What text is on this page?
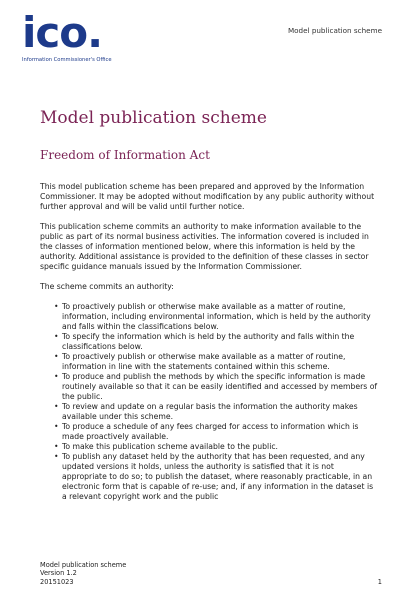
ico.
Information Commissioner's Office
Model publication scheme
Model publication scheme
Freedom of Information Act

This model publication scheme has been prepared and approved by the Information Commissioner. It may be adopted without modification by any public authority without further approval and will be valid until further notice.

This publication scheme commits an authority to make information available to the public as part of its normal business activities. The information covered is included in the classes of information mentioned below, where this information is held by the authority. Additional assistance is provided to the definition of these classes in sector specific guidance manuals issued by the Information Commissioner.

The scheme commits an authority:

• To proactively publish or otherwise make available as a matter of routine, information, including environmental information, which is held by the authority and falls within the classifications below.
• To specify the information which is held by the authority and falls within the classifications below.
• To proactively publish or otherwise make available as a matter of routine, information in line with the statements contained within this scheme.
• To produce and publish the methods by which the specific information is made routinely available so that it can be easily identified and accessed by members of the public.
• To review and update on a regular basis the information the authority makes available under this scheme.
• To produce a schedule of any fees charged for access to information which is made proactively available.
• To make this publication scheme available to the public.
• To publish any dataset held by the authority that has been requested, and any updated versions it holds, unless the authority is satisfied that it is not appropriate to do so; to publish the dataset, where reasonably practicable, in an electronic form that is capable of re-use; and, if any information in the dataset is a relevant copyright work and the public
Model publication scheme
Version 1.2
20151023	1
